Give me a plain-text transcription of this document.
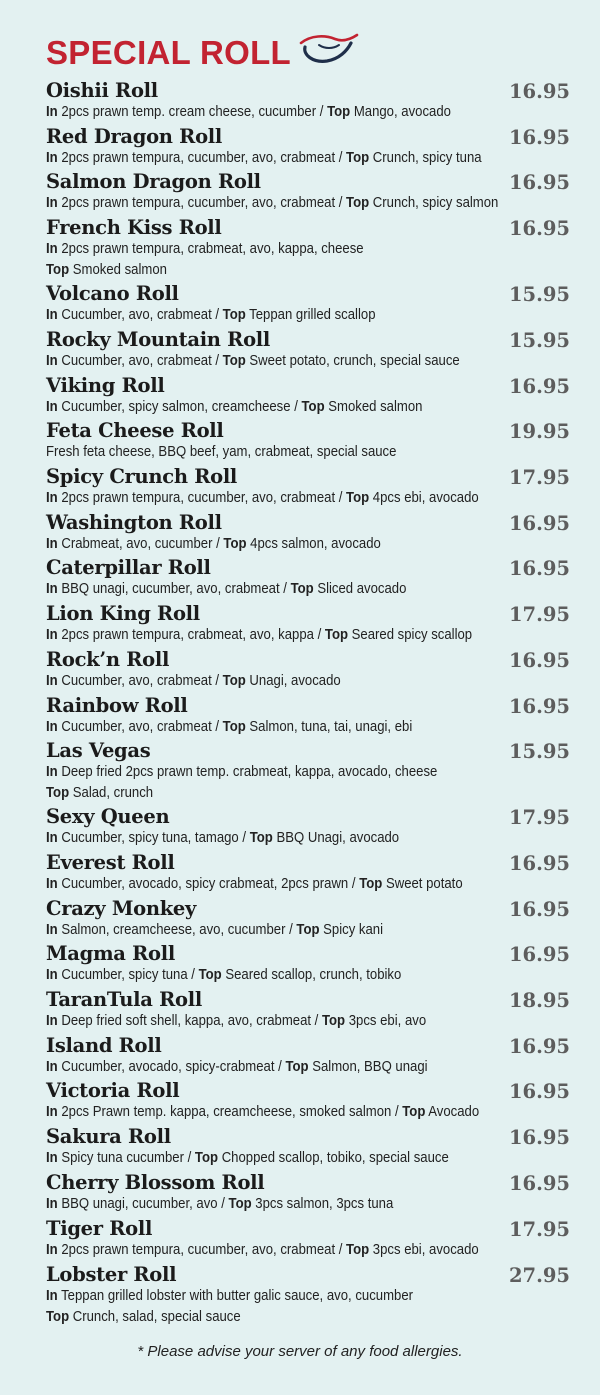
SPECIAL ROLL
Oishii Roll	16.95
In 2pcs prawn temp. cream cheese, cucumber / Top Mango, avocado
Red Dragon Roll	16.95
In 2pcs prawn tempura, cucumber, avo, crabmeat / Top Crunch, spicy tuna
Salmon Dragon Roll	16.95
In 2pcs prawn tempura, cucumber, avo, crabmeat / Top Crunch, spicy salmon
French Kiss Roll	16.95
In 2pcs prawn tempura, crabmeat, avo, kappa, cheese
Top Smoked salmon
Volcano Roll	15.95
In Cucumber, avo, crabmeat / Top Teppan grilled scallop
Rocky Mountain Roll	15.95
In Cucumber, avo, crabmeat / Top Sweet potato, crunch, special sauce
Viking Roll	16.95
In Cucumber, spicy salmon, creamcheese / Top Smoked salmon
Feta Cheese Roll	19.95
Fresh feta cheese, BBQ beef, yam, crabmeat, special sauce
Spicy Crunch Roll	17.95
In 2pcs prawn tempura, cucumber, avo, crabmeat / Top 4pcs ebi, avocado
Washington Roll	16.95
In Crabmeat, avo, cucumber / Top 4pcs salmon, avocado
Caterpillar Roll	16.95
In BBQ unagi, cucumber, avo, crabmeat / Top Sliced avocado
Lion King Roll	17.95
In 2pcs prawn tempura, crabmeat, avo, kappa / Top Seared spicy scallop
Rock’n Roll	16.95
In Cucumber, avo, crabmeat / Top Unagi, avocado
Rainbow Roll	16.95
In Cucumber, avo, crabmeat / Top Salmon, tuna, tai, unagi, ebi
Las Vegas	15.95
In Deep fried 2pcs prawn temp. crabmeat, kappa, avocado, cheese
Top Salad, crunch
Sexy Queen	17.95
In Cucumber, spicy tuna, tamago / Top BBQ Unagi, avocado
Everest Roll	16.95
In Cucumber, avocado, spicy crabmeat, 2pcs prawn / Top Sweet potato
Crazy Monkey	16.95
In Salmon, creamcheese, avo, cucumber / Top Spicy kani
Magma Roll	16.95
In Cucumber, spicy tuna / Top Seared scallop, crunch, tobiko
TaranTula Roll	18.95
In Deep fried soft shell, kappa, avo, crabmeat / Top 3pcs ebi, avo
Island Roll	16.95
In Cucumber, avocado, spicy-crabmeat / Top Salmon, BBQ unagi
Victoria Roll	16.95
In 2pcs Prawn temp. kappa, creamcheese, smoked salmon / Top Avocado
Sakura Roll	16.95
In Spicy tuna cucumber / Top Chopped scallop, tobiko, special sauce
Cherry Blossom Roll	16.95
In BBQ unagi, cucumber, avo / Top 3pcs salmon, 3pcs tuna
Tiger Roll	17.95
In 2pcs prawn tempura, cucumber, avo, crabmeat / Top 3pcs ebi, avocado
Lobster Roll	27.95
In Teppan grilled lobster with butter galic sauce, avo, cucumber
Top Crunch, salad, special sauce
* Please advise your server of any food allergies.
